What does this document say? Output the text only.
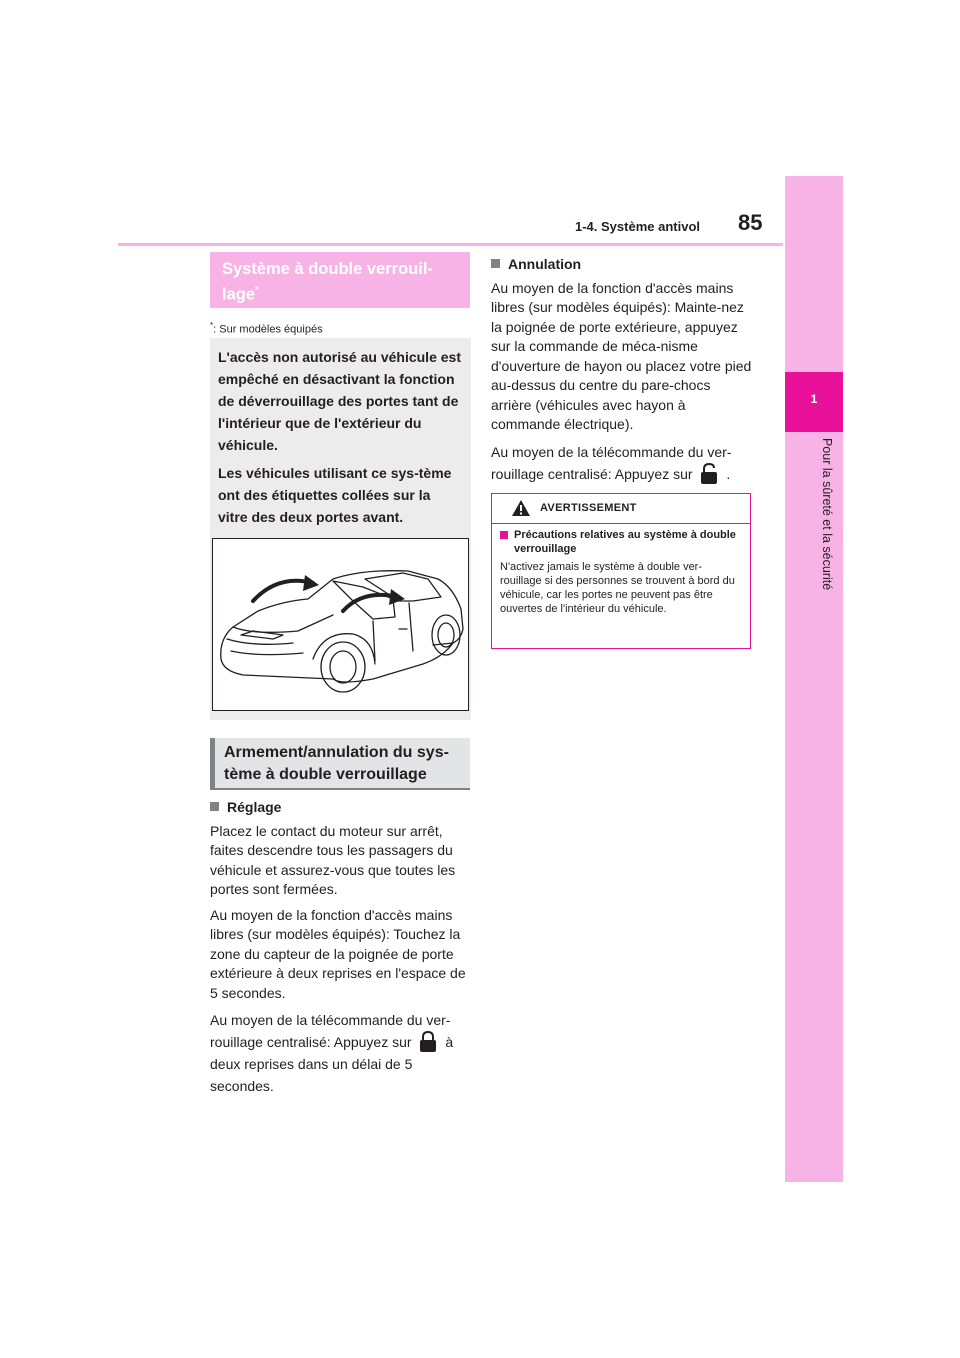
1
Pour la sûreté et la sécurité
85
1-4. Système antivol
Système à double verrouil-
lage*
*: Sur modèles équipés

L'accès non autorisé au véhicule est empêché en désactivant la fonction de déverrouillage des portes tant de l'intérieur que de l'extérieur du véhicule.

Les véhicules utilisant ce sys-tème ont des étiquettes collées sur la vitre des deux portes avant.

Armement/annulation du sys-tème à double verrouillage
Réglage

Placez le contact du moteur sur arrêt, faites descendre tous les passagers du véhicule et assurez-vous que toutes les portes sont fermées.

Au moyen de la fonction d'accès mains libres (sur modèles équipés): Touchez la zone du capteur de la poignée de porte extérieure à deux reprises en l'espace de 5 secondes.

Au moyen de la télécommande du ver-rouillage centralisé: Appuyez sur à deux reprises dans un délai de 5 secondes.

Annulation

Au moyen de la fonction d'accès mains libres (sur modèles équipés): Mainte-nez la poignée de porte extérieure, appuyez sur la commande de méca-nisme d'ouverture de hayon ou placez votre pied au-dessus du centre du pare-chocs arrière (véhicules avec hayon à commande électrique).

Au moyen de la télécommande du ver-rouillage centralisé: Appuyez sur .

AVERTISSEMENT
Précautions relatives au système à double verrouillage
N'activez jamais le système à double ver-rouillage si des personnes se trouvent à bord du véhicule, car les portes ne peuvent pas être ouvertes de l'intérieur du véhicule.
